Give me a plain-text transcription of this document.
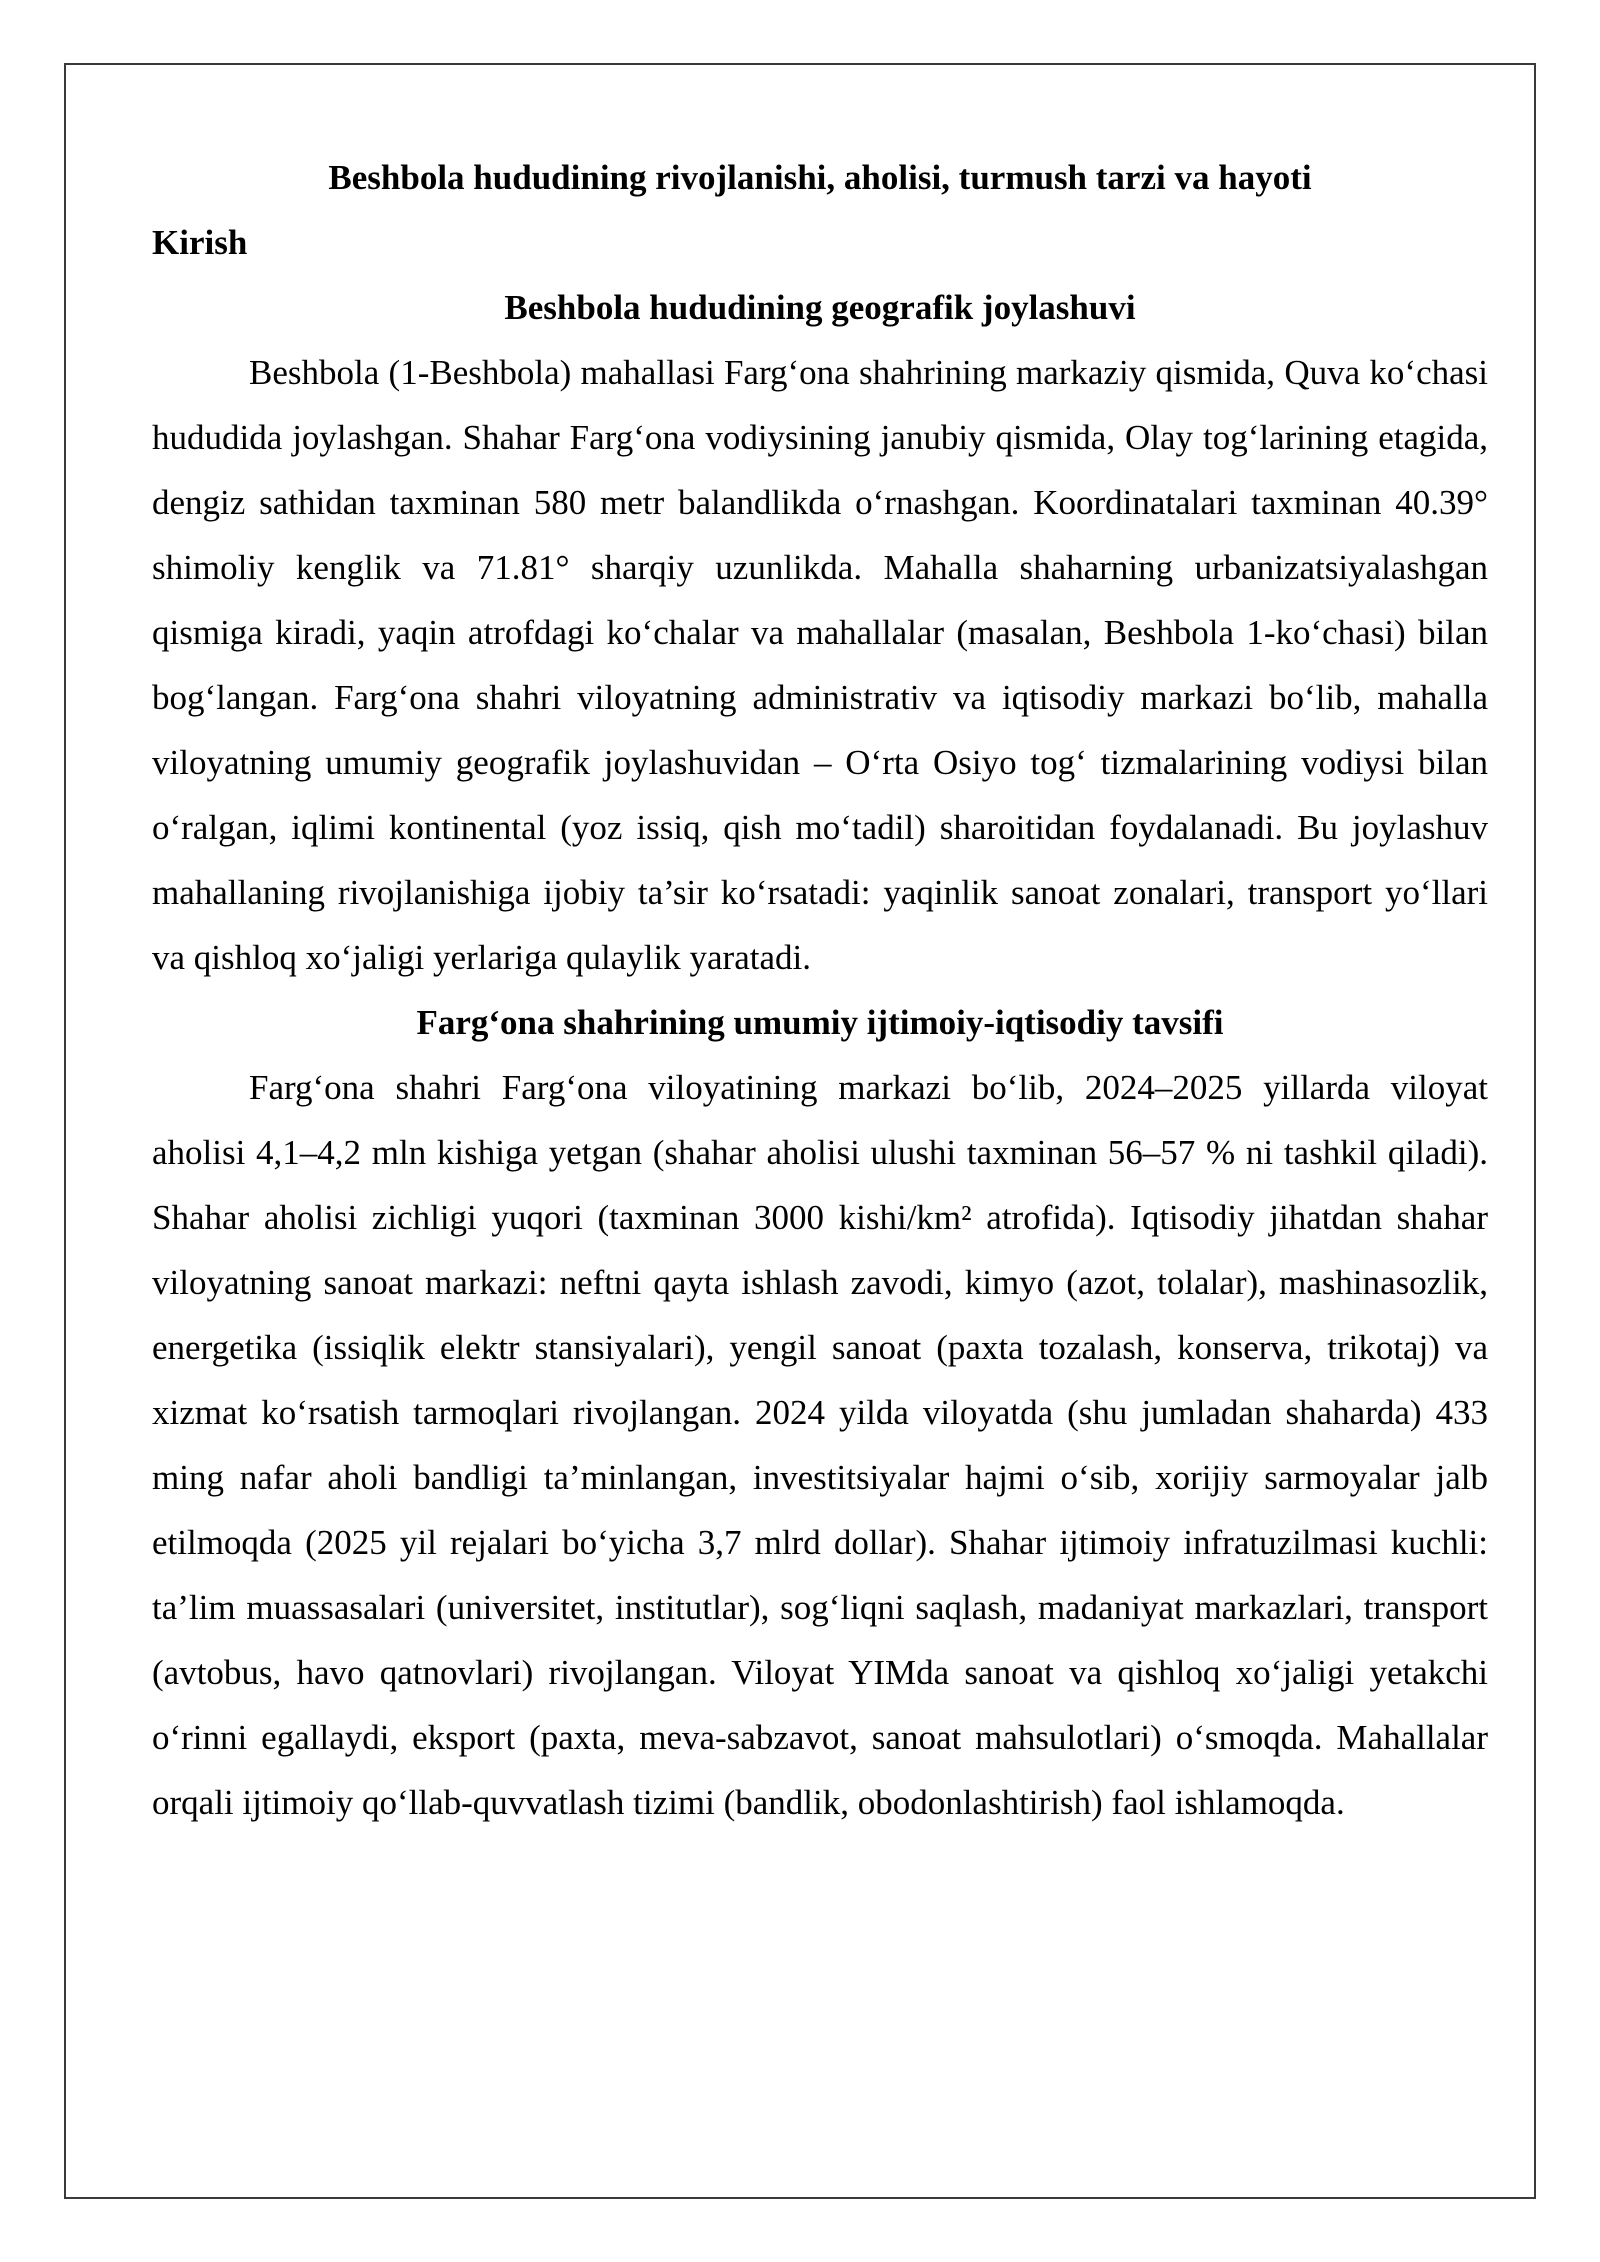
Beshbola hududining rivojlanishi, aholisi, turmush tarzi va hayoti
Kirish
Beshbola hududining geografik joylashuvi

Beshbola (1-Beshbola) mahallasi Farg‘ona shahrining markaziy qismida, Quva ko‘chasi hududida joylashgan. Shahar Farg‘ona vodiysining janubiy qismida, Olay tog‘larining etagida, dengiz sathidan taxminan 580 metr balandlikda o‘rnashgan. Koordinatalari taxminan 40.39° shimoliy kenglik va 71.81° sharqiy uzunlikda. Mahalla shaharning urbanizatsiyalashgan qismiga kiradi, yaqin atrofdagi ko‘chalar va mahallalar (masalan, Beshbola 1-ko‘chasi) bilan bog‘langan. Farg‘ona shahri viloyatning administrativ va iqtisodiy markazi bo‘lib, mahalla viloyatning umumiy geografik joylashuvidan – O‘rta Osiyo tog‘ tizmalarining vodiysi bilan o‘ralgan, iqlimi kontinental (yoz issiq, qish mo‘tadil) sharoitidan foydalanadi. Bu joylashuv mahallaning rivojlanishiga ijobiy ta’sir ko‘rsatadi: yaqinlik sanoat zonalari, transport yo‘llari va qishloq xo‘jaligi yerlariga qulaylik yaratadi.

Farg‘ona shahrining umumiy ijtimoiy-iqtisodiy tavsifi

Farg‘ona shahri Farg‘ona viloyatining markazi bo‘lib, 2024–2025 yillarda viloyat aholisi 4,1–4,2 mln kishiga yetgan (shahar aholisi ulushi taxminan 56–57 % ni tashkil qiladi). Shahar aholisi zichligi yuqori (taxminan 3000 kishi/km² atrofida). Iqtisodiy jihatdan shahar viloyatning sanoat markazi: neftni qayta ishlash zavodi, kimyo (azot, tolalar), mashinasozlik, energetika (issiqlik elektr stansiyalari), yengil sanoat (paxta tozalash, konserva, trikotaj) va xizmat ko‘rsatish tarmoqlari rivojlangan. 2024 yilda viloyatda (shu jumladan shaharda) 433 ming nafar aholi bandligi ta’minlangan, investitsiyalar hajmi o‘sib, xorijiy sarmoyalar jalb etilmoqda (2025 yil rejalari bo‘yicha 3,7 mlrd dollar). Shahar ijtimoiy infratuzilmasi kuchli: ta’lim muassasalari (universitet, institutlar), sog‘liqni saqlash, madaniyat markazlari, transport (avtobus, havo qatnovlari) rivojlangan. Viloyat YIMda sanoat va qishloq xo‘jaligi yetakchi o‘rinni egallaydi, eksport (paxta, meva-sabzavot, sanoat mahsulotlari) o‘smoqda. Mahallalar orqali ijtimoiy qo‘llab-quvvatlash tizimi (bandlik, obodonlashtirish) faol ishlamoqda.
